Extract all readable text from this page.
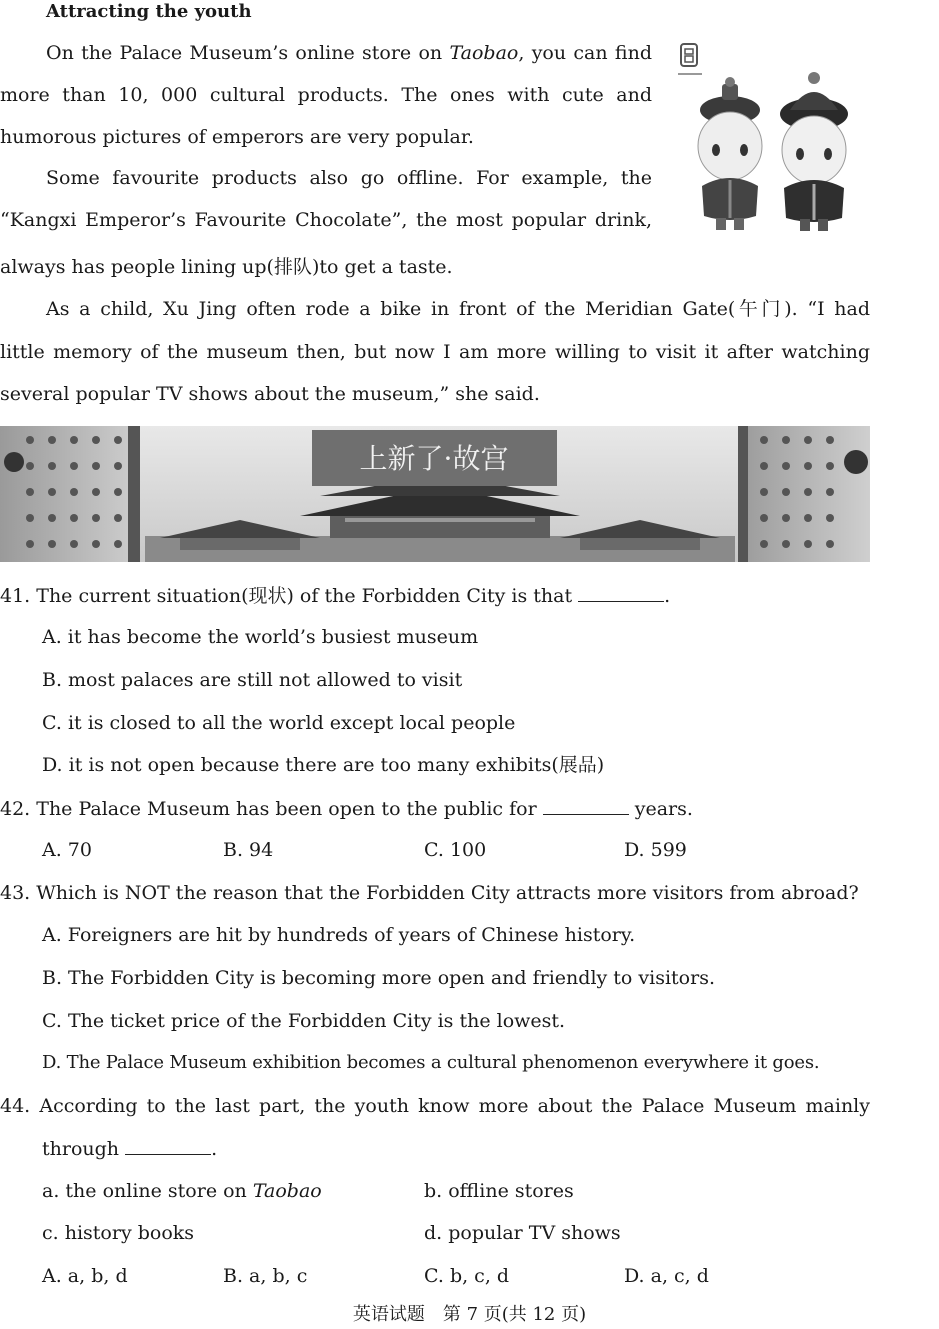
Attracting the youth
On the Palace Museum’s online store on Taobao, you can find
more than 10, 000 cultural products. The ones with cute and
humorous pictures of emperors are very popular.
Some favourite products also go offline. For example, the
“Kangxi Emperor’s Favourite Chocolate”, the most popular drink,
always has people lining up(排队)to get a taste.
As a child, Xu Jing often rode a bike in front of the Meridian Gate(午门). “I had
little memory of the museum then, but now I am more willing to visit it after watching
several popular TV shows about the museum,” she said.
上新了·故宫
41. The current situation(现状) of the Forbidden City is that	.
A. it has become the world’s busiest museum
B. most palaces are still not allowed to visit
C. it is closed to all the world except local people
D. it is not open because there are too many exhibits(展品)
42. The Palace Museum has been open to the public for	years.
A. 70	B. 94	C. 100	D. 599
43. Which is NOT the reason that the Forbidden City attracts more visitors from abroad?
A. Foreigners are hit by hundreds of years of Chinese history.
B. The Forbidden City is becoming more open and friendly to visitors.
C. The ticket price of the Forbidden City is the lowest.
D. The Palace Museum exhibition becomes a cultural phenomenon everywhere it goes.
44. According to the last part, the youth know more about the Palace Museum mainly
through	.
a. the online store on Taobao	b. offline stores
c. history books	d. popular TV shows
A. a, b, d	B. a, b, c	C. b, c, d	D. a, c, d
英语试题　第 7 页(共 12 页)
